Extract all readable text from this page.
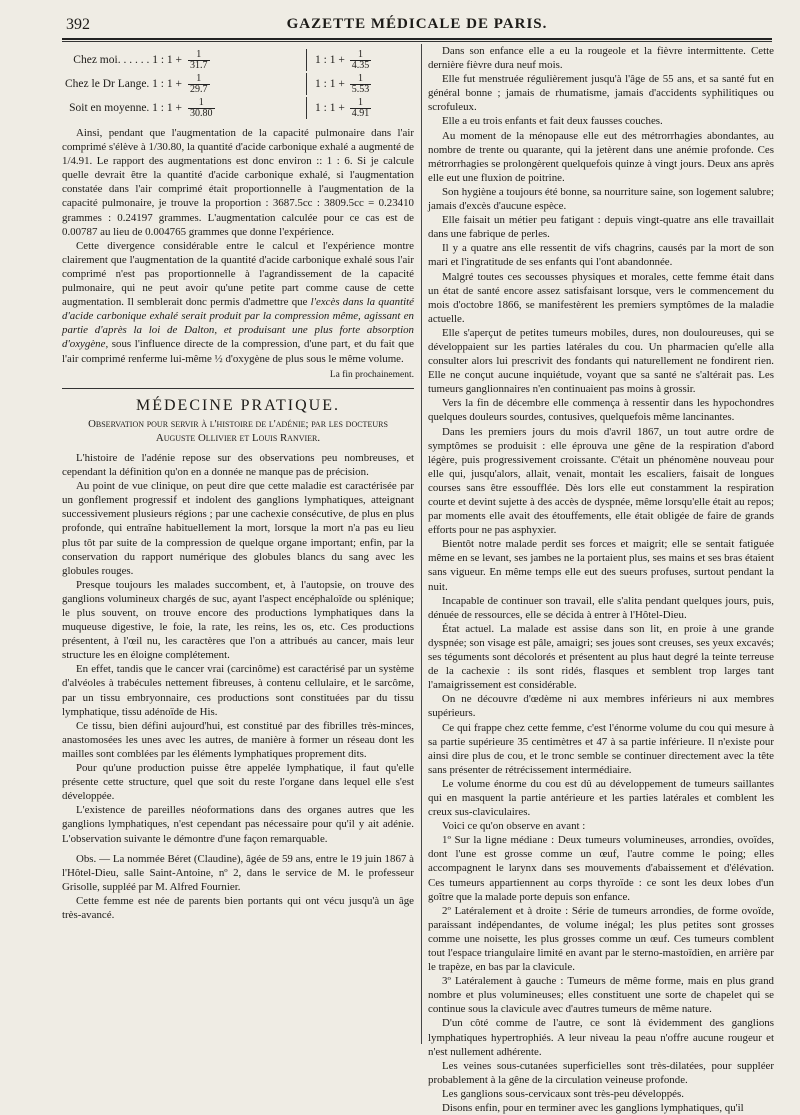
392	GAZETTE MÉDICALE DE PARIS.
Chez moi. . . . . . 1 : $1 + \frac{1}{31.7}$	1 : $1 + \frac{1}{4.35}$
Chez le Dr Lange. 1 : $1 + \frac{1}{29.7}$	1 : $1 + \frac{1}{5.53}$
Soit en moyenne. 1 : $1 + \frac{1}{30.80}$	1 : $1 + \frac{1}{4.91}$

Ainsi, pendant que l'augmentation de la capacité pulmonaire dans l'air comprimé s'élève à 1/30.80, la quantité d'acide carbonique exhalé a augmenté de 1/4.91. Le rapport des augmentations est donc environ :: 1 : 6. Si je calcule quelle devrait être la quantité d'acide carbonique exhalé, si l'augmentation constatée dans l'air comprimé était proportionnelle à l'augmentation de la capacité pulmonaire, je trouve la proportion : 3687.5cc : 3809.5cc = 0.23410 grammes : 0.24197 grammes. L'augmentation calculée pour ce cas est de 0.00787 au lieu de 0.004765 grammes que donne l'expérience.

Cette divergence considérable entre le calcul et l'expérience montre clairement que l'augmentation de la quantité d'acide carbonique exhalé sous l'air comprimé n'est pas proportionnelle à l'agrandissement de la capacité pulmonaire, qui ne peut avoir qu'une petite part comme cause de cette augmentation. Il semblerait donc permis d'admettre que l'excès dans la quantité d'acide carbonique exhalé serait produit par la compression même, agissant en partie d'après la loi de Dalton, et produisant une plus forte absorption d'oxygène, sous l'influence directe de la compression, d'une part, et du fait que l'air comprimé renferme lui-même ½ d'oxygène de plus sous le même volume.

La fin prochainement.
MÉDECINE PRATIQUE.
Observation pour servir à l'histoire de l'adénie; par les docteurs
Auguste Ollivier et Louis Ranvier.

L'histoire de l'adénie repose sur des observations peu nombreuses, et cependant la définition qu'on en a donnée ne manque pas de précision.

Au point de vue clinique, on peut dire que cette maladie est caractérisée par un gonflement progressif et indolent des ganglions lymphatiques, atteignant successivement plusieurs régions ; par une cachexie consécutive, de plus en plus profonde, qui entraîne habituellement la mort, lorsque la mort n'a pas eu lieu plus tôt par suite de la compression de quelque organe important; enfin, par la conservation du rapport numérique des globules blancs du sang avec les globules rouges.

Presque toujours les malades succombent, et, à l'autopsie, on trouve des ganglions volumineux chargés de suc, ayant l'aspect encéphaloïde ou splénique; le plus souvent, on trouve encore des productions lymphatiques dans la muqueuse digestive, le foie, la rate, les reins, les os, etc. Ces productions présentent, à l'œil nu, les caractères que l'on a attribués au cancer, mais leur structure les en éloigne complétement.

En effet, tandis que le cancer vrai (carcinôme) est caractérisé par un système d'alvéoles à trabécules nettement fibreuses, à contenu cellulaire, et le sarcôme, par un tissu embryonnaire, ces productions sont constituées par du tissu lymphatique, tissu adénoïde de His.

Ce tissu, bien défini aujourd'hui, est constitué par des fibrilles très-minces, anastomosées les unes avec les autres, de manière à former un réseau dont les mailles sont comblées par les éléments lymphatiques proprement dits.

Pour qu'une production puisse être appelée lymphatique, il faut qu'elle présente cette structure, quel que soit du reste l'organe dans lequel elle s'est développée.

L'existence de pareilles néoformations dans des organes autres que les ganglions lymphatiques, n'est cependant pas nécessaire pour qu'il y ait adénie. L'observation suivante le démontre d'une façon remarquable.

Obs. — La nommée Béret (Claudine), âgée de 59 ans, entre le 19 juin 1867 à l'Hôtel-Dieu, salle Saint-Antoine, nº 2, dans le service de M. le professeur Grisolle, suppléé par M. Alfred Fournier.

Cette femme est née de parents bien portants qui ont vécu jusqu'à un âge très-avancé.

Dans son enfance elle a eu la rougeole et la fièvre intermittente. Cette dernière fièvre dura neuf mois.

Elle fut menstruée régulièrement jusqu'à l'âge de 55 ans, et sa santé fut en général bonne ; jamais de rhumatisme, jamais d'accidents syphilitiques ou scrofuleux.

Elle a eu trois enfants et fait deux fausses couches.

Au moment de la ménopause elle eut des métrorrhagies abondantes, au nombre de trente ou quarante, qui la jetèrent dans une anémie profonde. Ces métrorrhagies se prolongèrent quelquefois quinze à vingt jours. Deux ans après elle eut une fluxion de poitrine.

Son hygiène a toujours été bonne, sa nourriture saine, son logement salubre; jamais d'excès d'aucune espèce.

Elle faisait un métier peu fatigant : depuis vingt-quatre ans elle travaillait dans une fabrique de perles.

Il y a quatre ans elle ressentit de vifs chagrins, causés par la mort de son mari et l'ingratitude de ses enfants qui l'ont abandonnée.

Malgré toutes ces secousses physiques et morales, cette femme était dans un état de santé encore assez satisfaisant lorsque, vers le commencement du mois d'octobre 1866, se manifestèrent les premiers symptômes de la maladie actuelle.

Elle s'aperçut de petites tumeurs mobiles, dures, non douloureuses, qui se développaient sur les parties latérales du cou. Un pharmacien qu'elle alla consulter alors lui prescrivit des fondants qui naturellement ne fondirent rien. Elle ne conçut aucune inquiétude, voyant que sa santé ne s'altérait pas. Les tumeurs ganglionnaires n'en continuaient pas moins à grossir.

Vers la fin de décembre elle commença à ressentir dans les hypochondres quelques douleurs sourdes, contusives, quelquefois même lancinantes.

Dans les premiers jours du mois d'avril 1867, un tout autre ordre de symptômes se produisit : elle éprouva une gêne de la respiration d'abord légère, puis progressivement croissante. C'était un phénomène nouveau pour elle qui, jusqu'alors, allait, venait, montait les escaliers, faisait de longues courses sans être essoufflée. Dès lors elle eut constamment la respiration courte et devint sujette à des accès de dyspnée, même lorsqu'elle était au repos; par moments elle avait des étouffements, elle était obligée de faire de grands efforts pour ne pas asphyxier.

Bientôt notre malade perdit ses forces et maigrit; elle se sentait fatiguée même en se levant, ses jambes ne la portaient plus, ses mains et ses bras étaient sans vigueur. En même temps elle eut des sueurs profuses, surtout pendant la nuit.

Incapable de continuer son travail, elle s'alita pendant quelques jours, puis, dénuée de ressources, elle se décida à entrer à l'Hôtel-Dieu.

État actuel. La malade est assise dans son lit, en proie à une grande dyspnée; son visage est pâle, amaigri; ses joues sont creuses, ses yeux excavés; ses téguments sont décolorés et présentent au plus haut degré la teinte terreuse de la cachexie : ils sont ridés, flasques et semblent trop larges tant l'amaigrissement est considérable.

On ne découvre d'œdème ni aux membres inférieurs ni aux membres supérieurs.

Ce qui frappe chez cette femme, c'est l'énorme volume du cou qui mesure à sa partie supérieure 35 centimètres et 47 à sa partie inférieure. Il n'existe pour ainsi dire plus de cou, et le tronc semble se continuer directement avec la tête sans présenter de rétrécissement intermédiaire.

Le volume énorme du cou est dû au développement de tumeurs saillantes qui en masquent la partie antérieure et les parties latérales et comblent les creux sus-claviculaires.

Voici ce qu'on observe en avant :

1º Sur la ligne médiane : Deux tumeurs volumineuses, arrondies, ovoïdes, dont l'une est grosse comme un œuf, l'autre comme le poing; elles accompagnent le larynx dans ses mouvements d'abaissement et d'élévation. Ces tumeurs appartiennent au corps thyroïde : ce sont les deux lobes d'un goître que la malade porte depuis son enfance.

2º Latéralement et à droite : Série de tumeurs arrondies, de forme ovoïde, paraissant indépendantes, de volume inégal; les plus petites sont grosses comme une noisette, les plus grosses comme un œuf. Ces tumeurs comblent tout l'espace triangulaire limité en avant par le sterno-mastoïdien, en arrière par le trapèze, en bas par la clavicule.

3º Latéralement à gauche : Tumeurs de même forme, mais en plus grand nombre et plus volumineuses; elles constituent une sorte de chapelet qui se continue sous la clavicule avec d'autres tumeurs de même nature.

D'un côté comme de l'autre, ce sont là évidemment des ganglions lymphatiques hypertrophiés. A leur niveau la peau n'offre aucune rougeur et n'est nullement adhérente.

Les veines sous-cutanées superficielles sont très-dilatées, pour suppléer probablement à la gêne de la circulation veineuse profonde.

Les ganglions sous-cervicaux sont très-peu développés.

Disons enfin, pour en terminer avec les ganglions lymphatiques, qu'il
